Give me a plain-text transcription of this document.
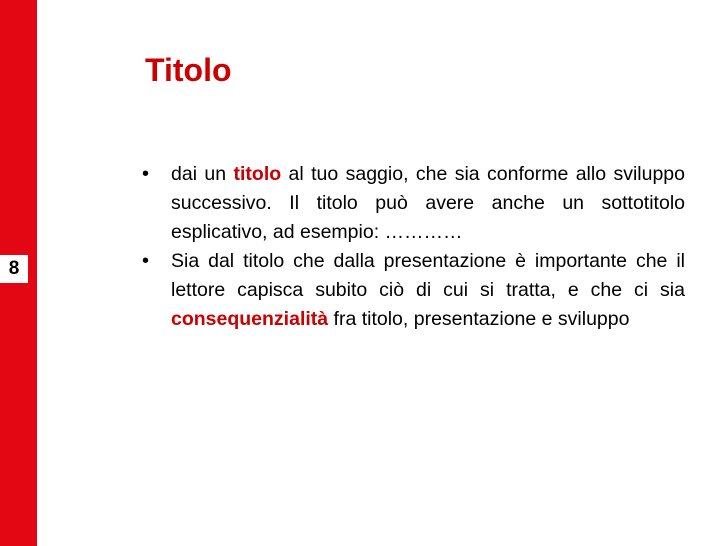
8
Titolo
• dai un titolo al tuo saggio, che sia conforme allo sviluppo successivo. Il titolo può avere anche un sottotitolo esplicativo, ad esempio: …………
• Sia dal titolo che dalla presentazione è importante che il lettore capisca subito ciò di cui si tratta, e che ci sia consequenzialità fra titolo, presentazione e sviluppo
